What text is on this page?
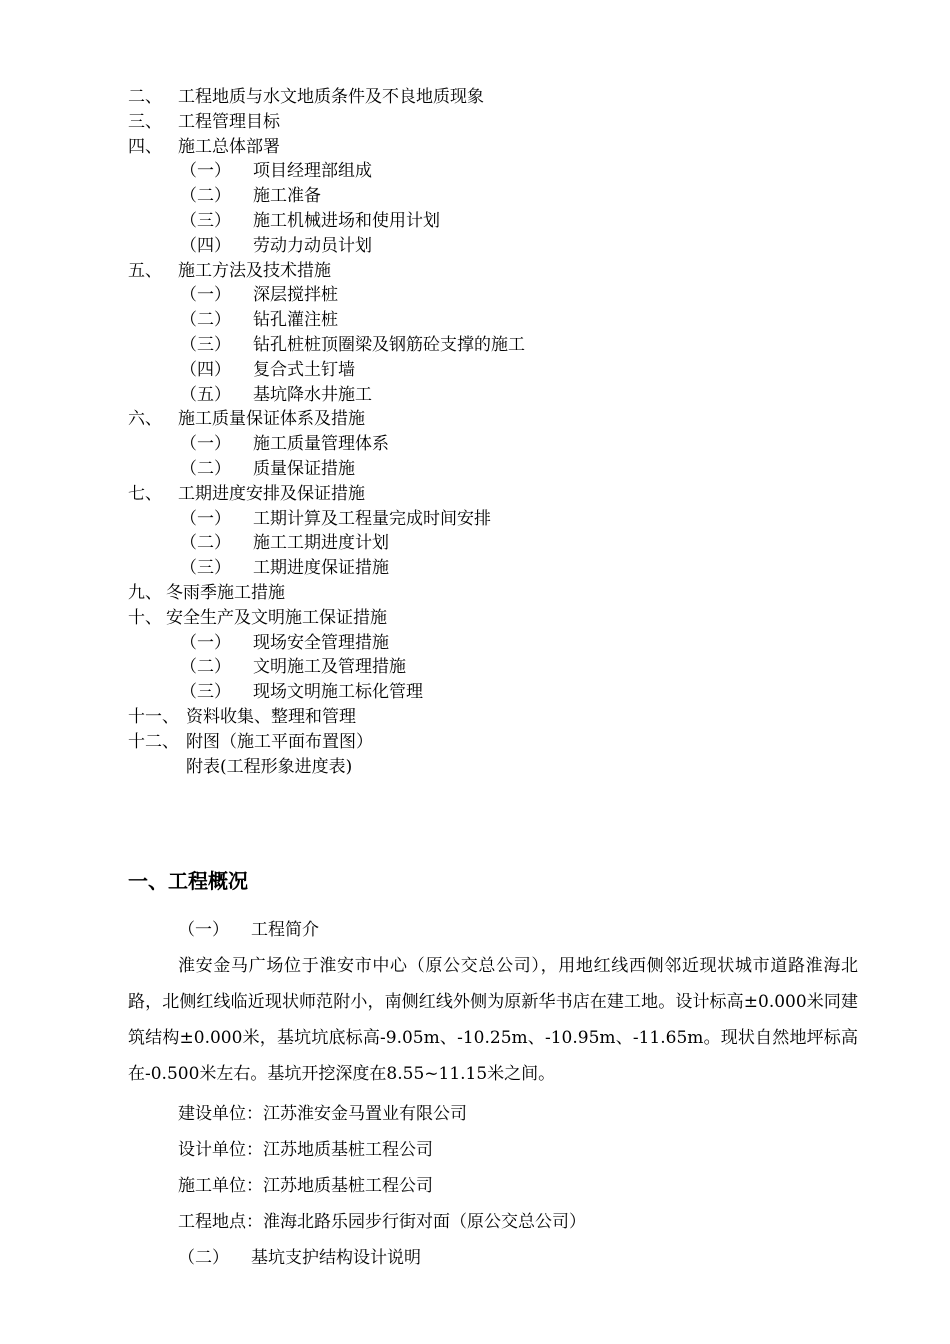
二、 工程地质与水文地质条件及不良地质现象
三、 工程管理目标
四、 施工总体部署
（一） 项目经理部组成
（二） 施工准备
（三） 施工机械进场和使用计划
（四） 劳动力动员计划
五、 施工方法及技术措施
（一） 深层搅拌桩
（二） 钻孔灌注桩
（三） 钻孔桩桩顶圈梁及钢筋砼支撑的施工
（四） 复合式土钉墙
（五） 基坑降水井施工
六、 施工质量保证体系及措施
（一） 施工质量管理体系
（二） 质量保证措施
七、 工期进度安排及保证措施
（一） 工期计算及工程量完成时间安排
（二） 施工工期进度计划
（三） 工期进度保证措施
九、 冬雨季施工措施
十、 安全生产及文明施工保证措施
（一） 现场安全管理措施
（二） 文明施工及管理措施
（三） 现场文明施工标化管理
十一、 资料收集、整理和管理
十二、 附图（施工平面布置图）
附表(工程形象进度表)
一、工程概况
（一） 工程简介
淮安金马广场位于淮安市中心（原公交总公司），用地红线西侧邻近现状城市道路淮海北路，北侧红线临近现状师范附小，南侧红线外侧为原新华书店在建工地。设计标高±0.000米同建筑结构±0.000米，基坑坑底标高-9.05m、-10.25m、-10.95m、-11.65m。现状自然地坪标高在-0.500米左右。基坑开挖深度在8.55~11.15米之间。
建设单位：江苏淮安金马置业有限公司
设计单位：江苏地质基桩工程公司
施工单位：江苏地质基桩工程公司
工程地点：淮海北路乐园步行街对面（原公交总公司）
（二） 基坑支护结构设计说明
